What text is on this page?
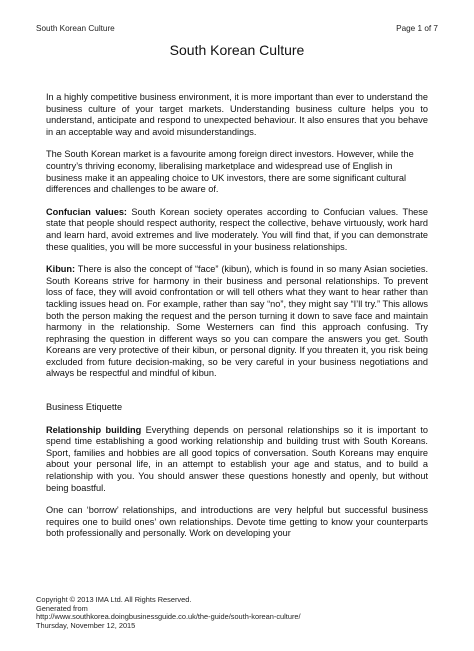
South Korean Culture	Page 1 of 7
South Korean Culture

In a highly competitive business environment, it is more important than ever to understand the business culture of your target markets. Understanding business culture helps you to understand, anticipate and respond to unexpected behaviour. It also ensures that you behave in an acceptable way and avoid misunderstandings.

The South Korean market is a favourite among foreign direct investors. However, while the country’s thriving economy, liberalising marketplace and widespread use of English in business make it an appealing choice to UK investors, there are some significant cultural differences and challenges to be aware of.

Confucian values: South Korean society operates according to Confucian values. These state that people should respect authority, respect the collective, behave virtuously, work hard and learn hard, avoid extremes and live moderately. You will find that, if you can demonstrate these qualities, you will be more successful in your business relationships.

Kibun: There is also the concept of “face” (kibun), which is found in so many Asian societies. South Koreans strive for harmony in their business and personal relationships. To prevent loss of face, they will avoid confrontation or will tell others what they want to hear rather than tackling issues head on. For example, rather than say “no”, they might say “I’ll try.” This allows both the person making the request and the person turning it down to save face and maintain harmony in the relationship. Some Westerners can find this approach confusing. Try rephrasing the question in different ways so you can compare the answers you get. South Koreans are very protective of their kibun, or personal dignity. If you threaten it, you risk being excluded from future decision-making, so be very careful in your business negotiations and always be respectful and mindful of kibun.

Business Etiquette

Relationship building Everything depends on personal relationships so it is important to spend time establishing a good working relationship and building trust with South Koreans. Sport, families and hobbies are all good topics of conversation. South Koreans may enquire about your personal life, in an attempt to establish your age and status, and to build a relationship with you. You should answer these questions honestly and openly, but without being boastful.

One can ‘borrow’ relationships, and introductions are very helpful but successful business requires one to build ones’ own relationships. Devote time getting to know your counterparts both professionally and personally. Work on developing your

Copyright © 2013 IMA Ltd. All Rights Reserved.
Generated from
http://www.southkorea.doingbusinessguide.co.uk/the-guide/south-korean-culture/
Thursday, November 12, 2015
